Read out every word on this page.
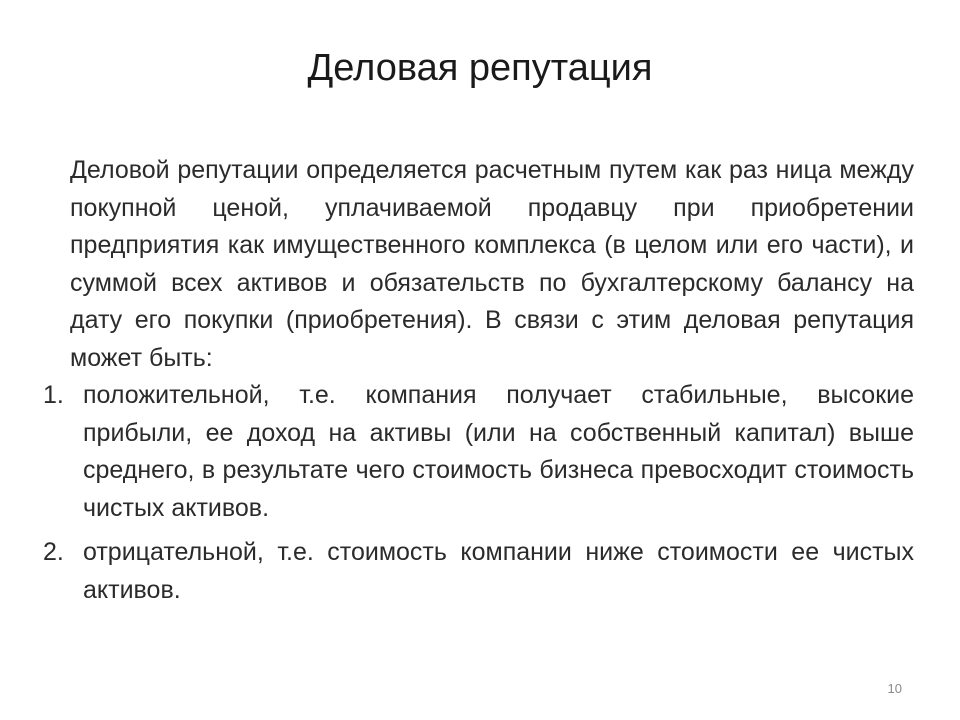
Деловая репутация

Деловой репутации определяется расчетным путем как раз ница между покупной ценой, уплачиваемой продавцу при приобретении предприятия как имущественного комплекса (в целом или его части), и суммой всех активов и обязательств по бухгалтерскому балансу на дату его покупки (приобретения). В связи с этим деловая репутация может быть:

1. положительной, т.е. компания получает стабильные, высокие прибыли, ее доход на активы (или на собственный капитал) выше среднего, в результате чего стоимость бизнеса превосходит стоимость чистых активов.
2. отрицательной, т.е. стоимость компании ниже стоимости ее чистых активов.
10
